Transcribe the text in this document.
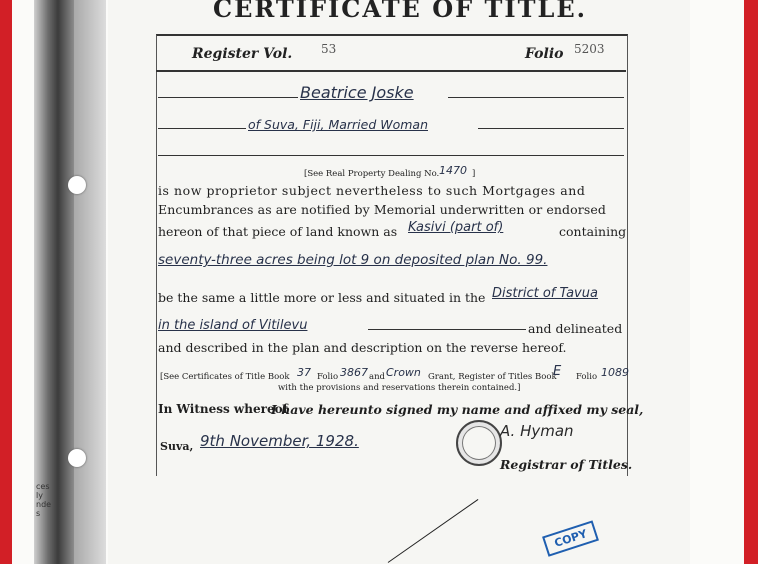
ces
ly
nde
s
CERTIFICATE OF TITLE.
Register Vol. 53	Folio 5203
Beatrice Joske
of Suva, Fiji, Married Woman
[See Real Property Dealing No. 1470 ]
is now proprietor subject nevertheless to such Mortgages and
Encumbrances as are notified by Memorial underwritten or endorsed
hereon of that piece of land known as Kasivi (part of)	containing
seventy-three acres being lot 9 on deposited plan No. 99.
be the same a little more or less and situated in the District of Tavua
in the island of Vitilevu	and delineated
and described in the plan and description on the reverse hereof.
[See Certificates of Title Book 37 Folio 3867 and Crown Grant, Register of Titles Book
E Folio 1089
with the provisions and reservations therein contained.]
In Witness whereof
I have hereunto signed my name and affixed my seal,
Suva, 9th November, 1928.
A. Hyman
Registrar of Titles.
COPY
